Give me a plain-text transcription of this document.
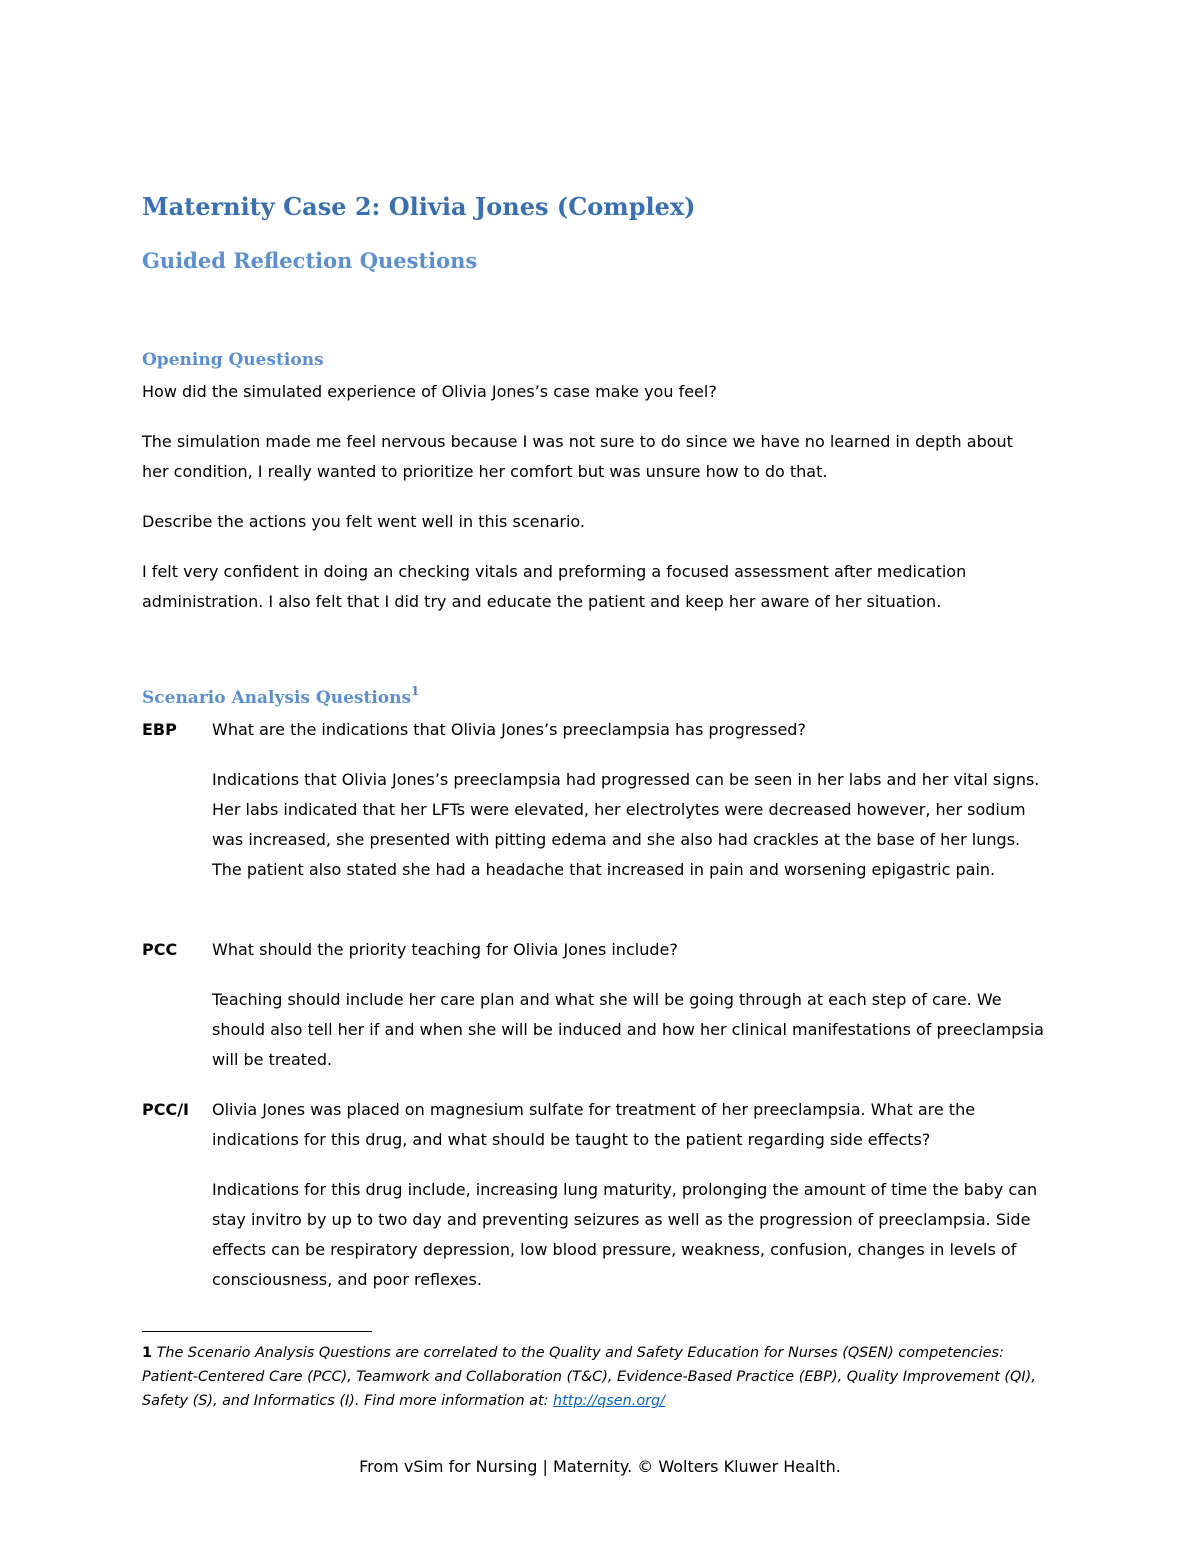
Maternity Case 2: Olivia Jones (Complex)
Guided Reflection Questions
Opening Questions
How did the simulated experience of Olivia Jones’s case make you feel?
The simulation made me feel nervous because I was not sure to do since we have no learned in depth about her condition, I really wanted to prioritize her comfort but was unsure how to do that.
Describe the actions you felt went well in this scenario.
I felt very confident in doing an checking vitals and preforming a focused assessment after medication administration. I also felt that I did try and educate the patient and keep her aware of her situation.
Scenario Analysis Questions$^1$
EBP What are the indications that Olivia Jones’s preeclampsia has progressed?
Indications that Olivia Jones’s preeclampsia had progressed can be seen in her labs and her vital signs. Her labs indicated that her LFTs were elevated, her electrolytes were decreased however, her sodium was increased, she presented with pitting edema and she also had crackles at the base of her lungs. The patient also stated she had a headache that increased in pain and worsening epigastric pain.
PCC What should the priority teaching for Olivia Jones include?
Teaching should include her care plan and what she will be going through at each step of care. We should also tell her if and when she will be induced and how her clinical manifestations of preeclampsia will be treated.
PCC/I Olivia Jones was placed on magnesium sulfate for treatment of her preeclampsia. What are the indications for this drug, and what should be taught to the patient regarding side effects?
Indications for this drug include, increasing lung maturity, prolonging the amount of time the baby can stay invitro by up to two day and preventing seizures as well as the progression of preeclampsia. Side effects can be respiratory depression, low blood pressure, weakness, confusion, changes in levels of consciousness, and poor reflexes.
1 The Scenario Analysis Questions are correlated to the Quality and Safety Education for Nurses (QSEN) competencies: Patient-Centered Care (PCC), Teamwork and Collaboration (T&C), Evidence-Based Practice (EBP), Quality Improvement (QI), Safety (S), and Informatics (I). Find more information at: http://qsen.org/
From vSim for Nursing | Maternity. © Wolters Kluwer Health.
